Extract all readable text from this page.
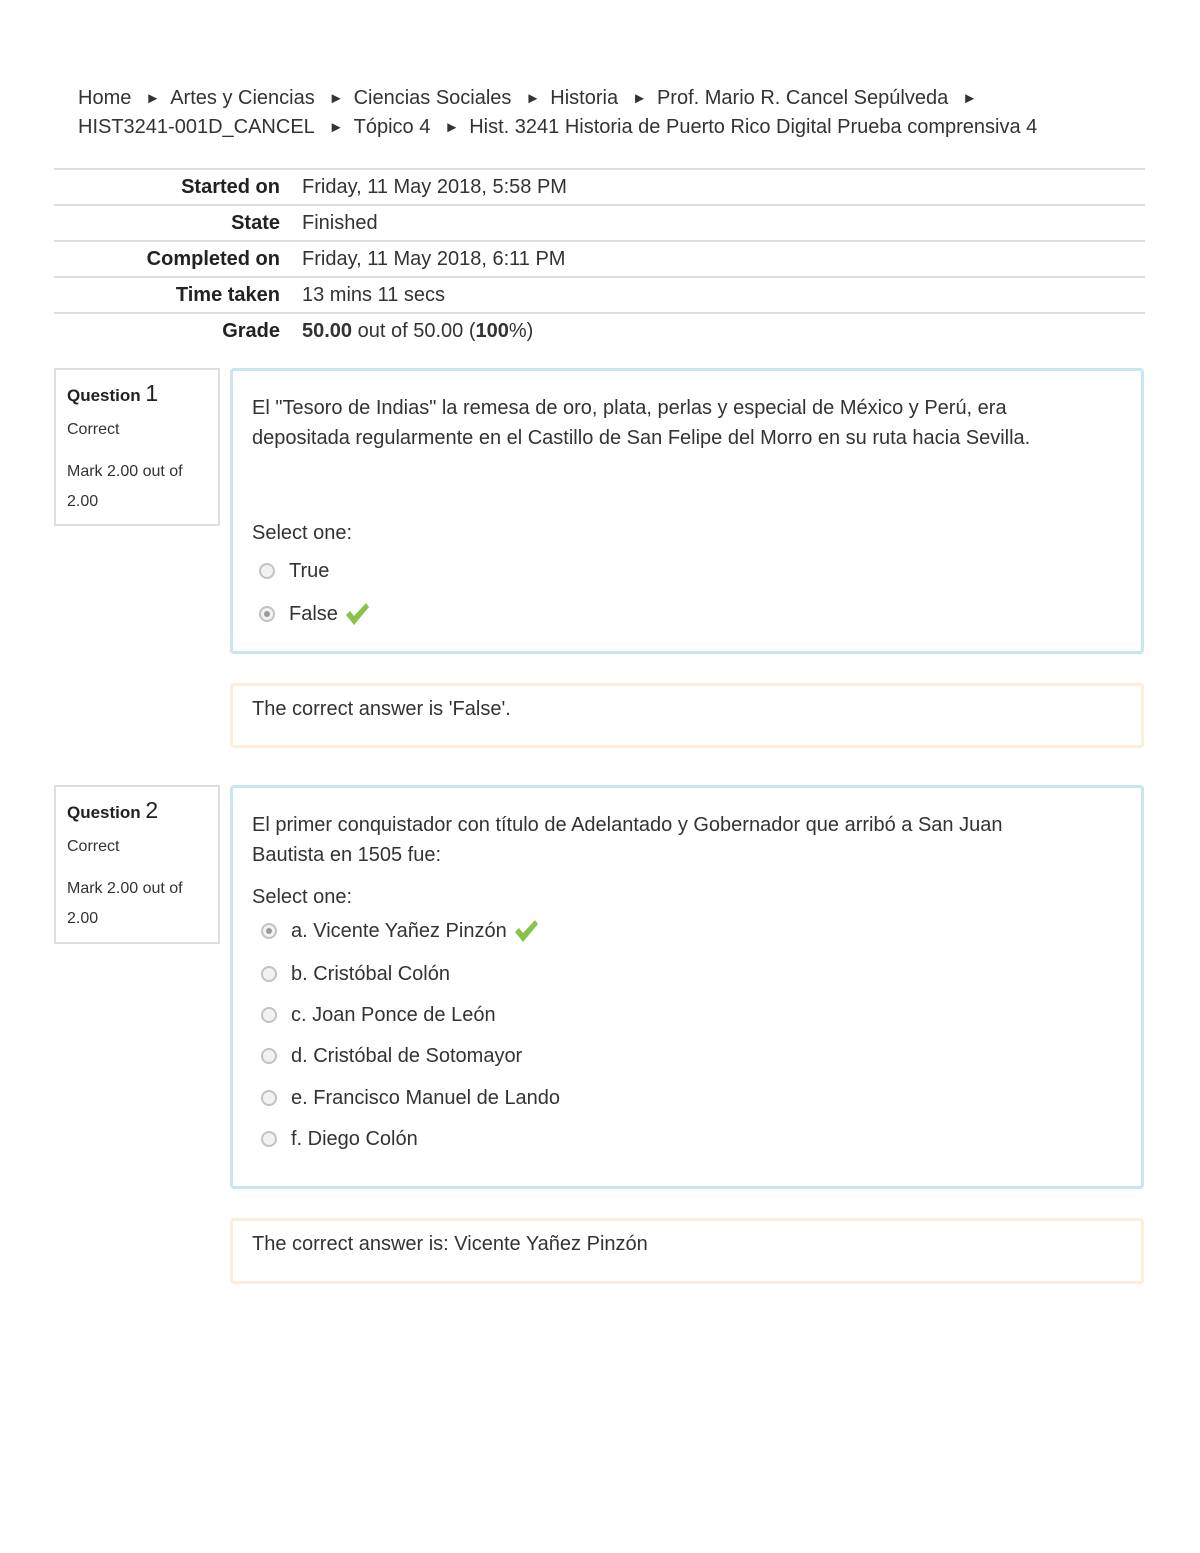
Home ► Artes y Ciencias ► Ciencias Sociales ► Historia ► Prof. Mario R. Cancel Sepúlveda ►
HIST3241-001D_CANCEL ► Tópico 4 ► Hist. 3241 Historia de Puerto Rico Digital Prueba comprensiva 4
Started on	Friday, 11 May 2018, 5:58 PM
State	Finished
Completed on	Friday, 11 May 2018, 6:11 PM
Time taken	13 mins 11 secs
Grade	50.00 out of 50.00 (100%)
Question 1
Correct
Mark 2.00 out of 2.00
El "Tesoro de Indias" la remesa de oro, plata, perlas y especial de México y Perú, era depositada regularmente en el Castillo de San Felipe del Morro en su ruta hacia Sevilla.
Select one:
True
False
The correct answer is 'False'.
Question 2
Correct
Mark 2.00 out of 2.00
El primer conquistador con título de Adelantado y Gobernador que arribó a San Juan Bautista en 1505 fue:
Select one:
a. Vicente Yañez Pinzón
b. Cristóbal Colón
c. Joan Ponce de León
d. Cristóbal de Sotomayor
e. Francisco Manuel de Lando
f. Diego Colón
The correct answer is: Vicente Yañez Pinzón
